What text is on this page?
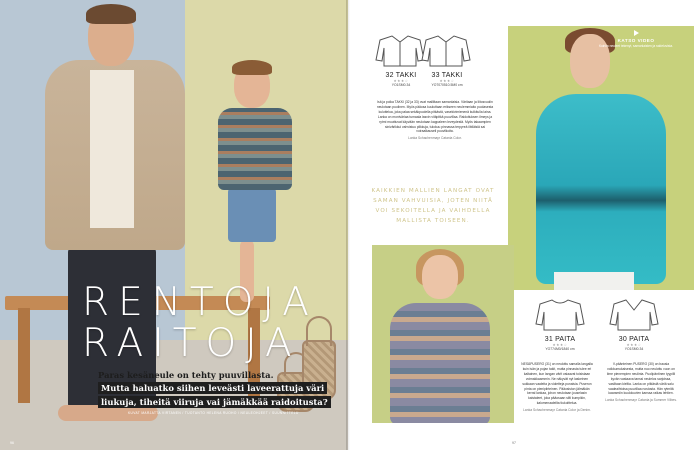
RENTOJA
RAITOJA
Paras kesäneule on tehty puuvillasta.
Mutta haluatko siihen leveästi laveerattuja väri
liukuja, tiheitä viiruja vai jämäkkää raidoitusta?
KUVAT MARJATTA VIRTANEN / TUOTANTO HELENA RUOHO / NEULEOHJEET / SUUNNITTELU
96
32 TAKKI
★★★☆
YO1SM0.34
33 TAKKI
★★★☆
YO7070510.5M0 cm

Isä ja poika TAKKI (32 ja 33) ovat malliltaan samanlaisia. Väritaan ja liitosvuolin neulotaan puolinen. Myös pääosa kuuluttaan erikseen neulemmiaito puolasesta kuluttelua, joka palaa sekäkpuolella pitkästä, vasekivimienenä kulkitulla laina. Lanka on moniväriaa tumaala lasvin vitäpitkä puuvillaa. Raidoituksen ilmeys ja rytmi muuttuvat käyvään neulotaan kappaleen leveydestä. Myös takaampien sinivärikkui vahvistuu pilkkuja, tulokuu pinnassa terpyreä ilbiläisiä sai voiraalkauseil puuvilkoita.
Lanka Schachenmayr Catania Color.

KAIKKIEN MALLIEN LANGAT OVAT SAMAN VAHVUISIA, JOTEN NIITÄ VOI SEKOITELLA JA VAIHDELLA MALLISTA TOISEEN.

KATSO VIDEO
Kuinka neuleet tekenyt, samanlaisten ja raideluvista.
31 PAITA
★★★☆
YO774M0/1840 cm
30 PAITA
★★★☆
YO1SM0.34

NESÄPUSERO (31) on neulottu samalla langalla kuin isän ja pojan takit, mutta pinnasta tulee eri kaltainen, kun langan värit vaiaavat toisistaan voimakkaammin. Ne näkyvät nyt laskeinen sukkaan vaaleita ja violetteja punaisia. Puseron pinta on pienipiirteinen. Pääosiston jälmäkän kerral lankaa, johon neulotaan jouselasin kaistaleet, joka pääosaan silti kumpikin, kalomenaaleilta tiukoittelua.
Lanka Schachenmayr Catania Color ja Denim.

V-päänteinen PUSERO (30) on bausia voikkumukaisesta, mutta nuo neulottu vuon on ilme pienempien neulinta. Puolipäntinen tyypilli kyvän vastaava tanssi neulelos sarjoissa, vasiltaan kieltia. Lanka on pitkästä väriä salu vaaleaihtoisa puuvillaa nostosta. Hän rytmitä kaaramiin kuulokuvien kanssa raikas lehtien.
Lanka Schachenmayr Catania ja Summer Vilbes.

97
